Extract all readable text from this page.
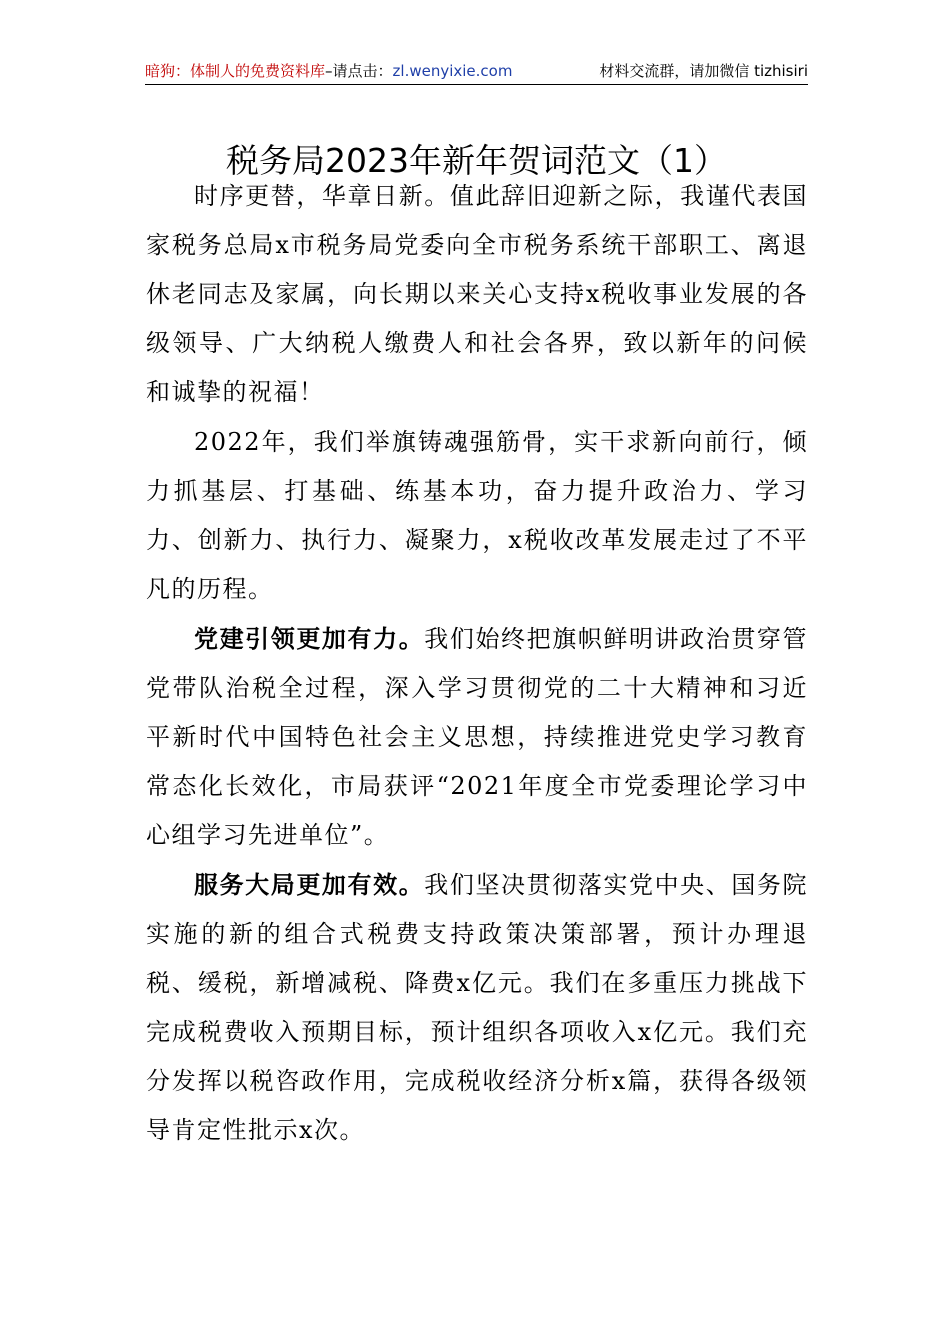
暗狗：体制人的免费资料库–请点击：zl.wenyixie.com	材料交流群，请加微信 tizhisiri
税务局2023年新年贺词范文（1）

时序更替，华章日新。值此辞旧迎新之际，我谨代表国家税务总局x市税务局党委向全市税务系统干部职工、离退休老同志及家属，向长期以来关心支持x税收事业发展的各级领导、广大纳税人缴费人和社会各界，致以新年的问候和诚挚的祝福！

2022年，我们举旗铸魂强筋骨，实干求新向前行，倾力抓基层、打基础、练基本功，奋力提升政治力、学习力、创新力、执行力、凝聚力，x税收改革发展走过了不平凡的历程。

党建引领更加有力。我们始终把旗帜鲜明讲政治贯穿管党带队治税全过程，深入学习贯彻党的二十大精神和习近平新时代中国特色社会主义思想，持续推进党史学习教育常态化长效化，市局获评“2021年度全市党委理论学习中心组学习先进单位”。

服务大局更加有效。我们坚决贯彻落实党中央、国务院实施的新的组合式税费支持政策决策部署，预计办理退税、缓税，新增减税、降费x亿元。我们在多重压力挑战下完成税费收入预期目标，预计组织各项收入x亿元。我们充分发挥以税咨政作用，完成税收经济分析x篇，获得各级领导肯定性批示x次。
